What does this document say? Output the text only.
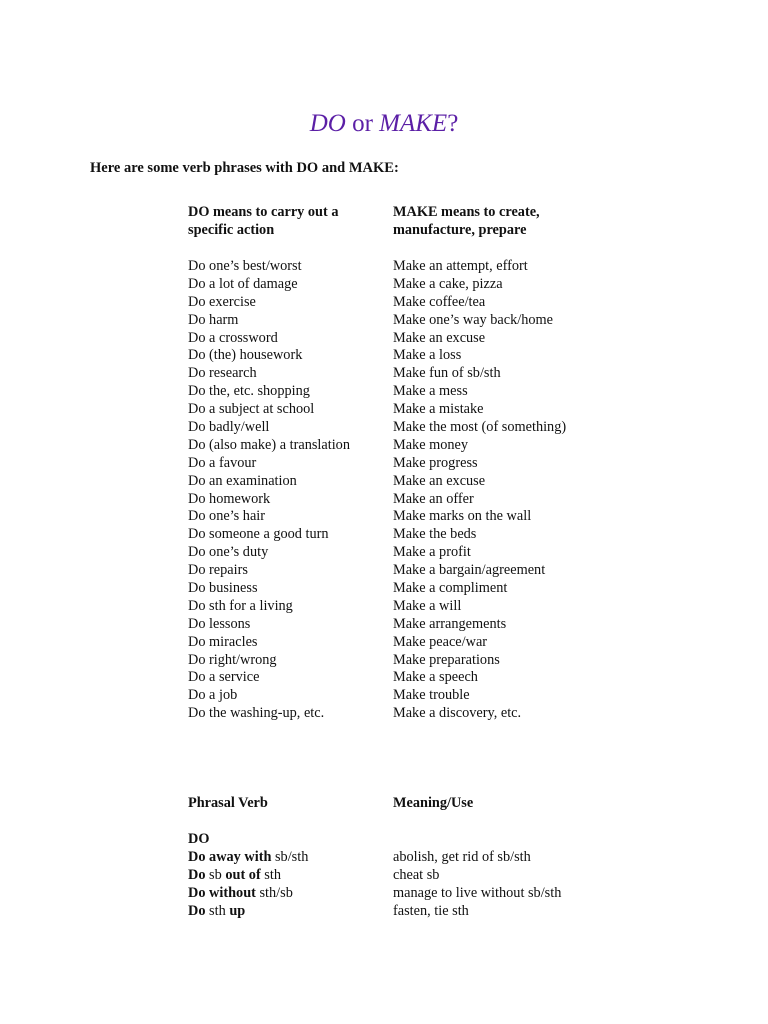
DO or MAKE?
Here are some verb phrases with DO and MAKE:
DO means to carry out a
specific action
Do one’s best/worst
Do a lot of damage
Do exercise
Do harm
Do a crossword
Do (the) housework
Do research
Do the, etc. shopping
Do a subject at school
Do badly/well
Do (also make) a translation
Do a favour
Do an examination
Do homework
Do one’s hair
Do someone a good turn
Do one’s duty
Do repairs
Do business
Do sth for a living
Do lessons
Do miracles
Do right/wrong
Do a service
Do a job
Do the washing-up, etc.
MAKE means to create,
manufacture, prepare
Make an attempt, effort
Make a cake, pizza
Make coffee/tea
Make one’s way back/home
Make an excuse
Make a loss
Make fun of sb/sth
Make a mess
Make a mistake
Make the most (of something)
Make money
Make progress
Make an excuse
Make an offer
Make marks on the wall
Make the beds
Make a profit
Make a bargain/agreement
Make a compliment
Make a will
Make arrangements
Make peace/war
Make preparations
Make a speech
Make trouble
Make a discovery, etc.
Phrasal Verb
DO
Do away with sb/sth
Do sb out of sth
Do without sth/sb
Do sth up
Meaning/Use
abolish, get rid of sb/sth
cheat sb
manage to live without sb/sth
fasten, tie sth
